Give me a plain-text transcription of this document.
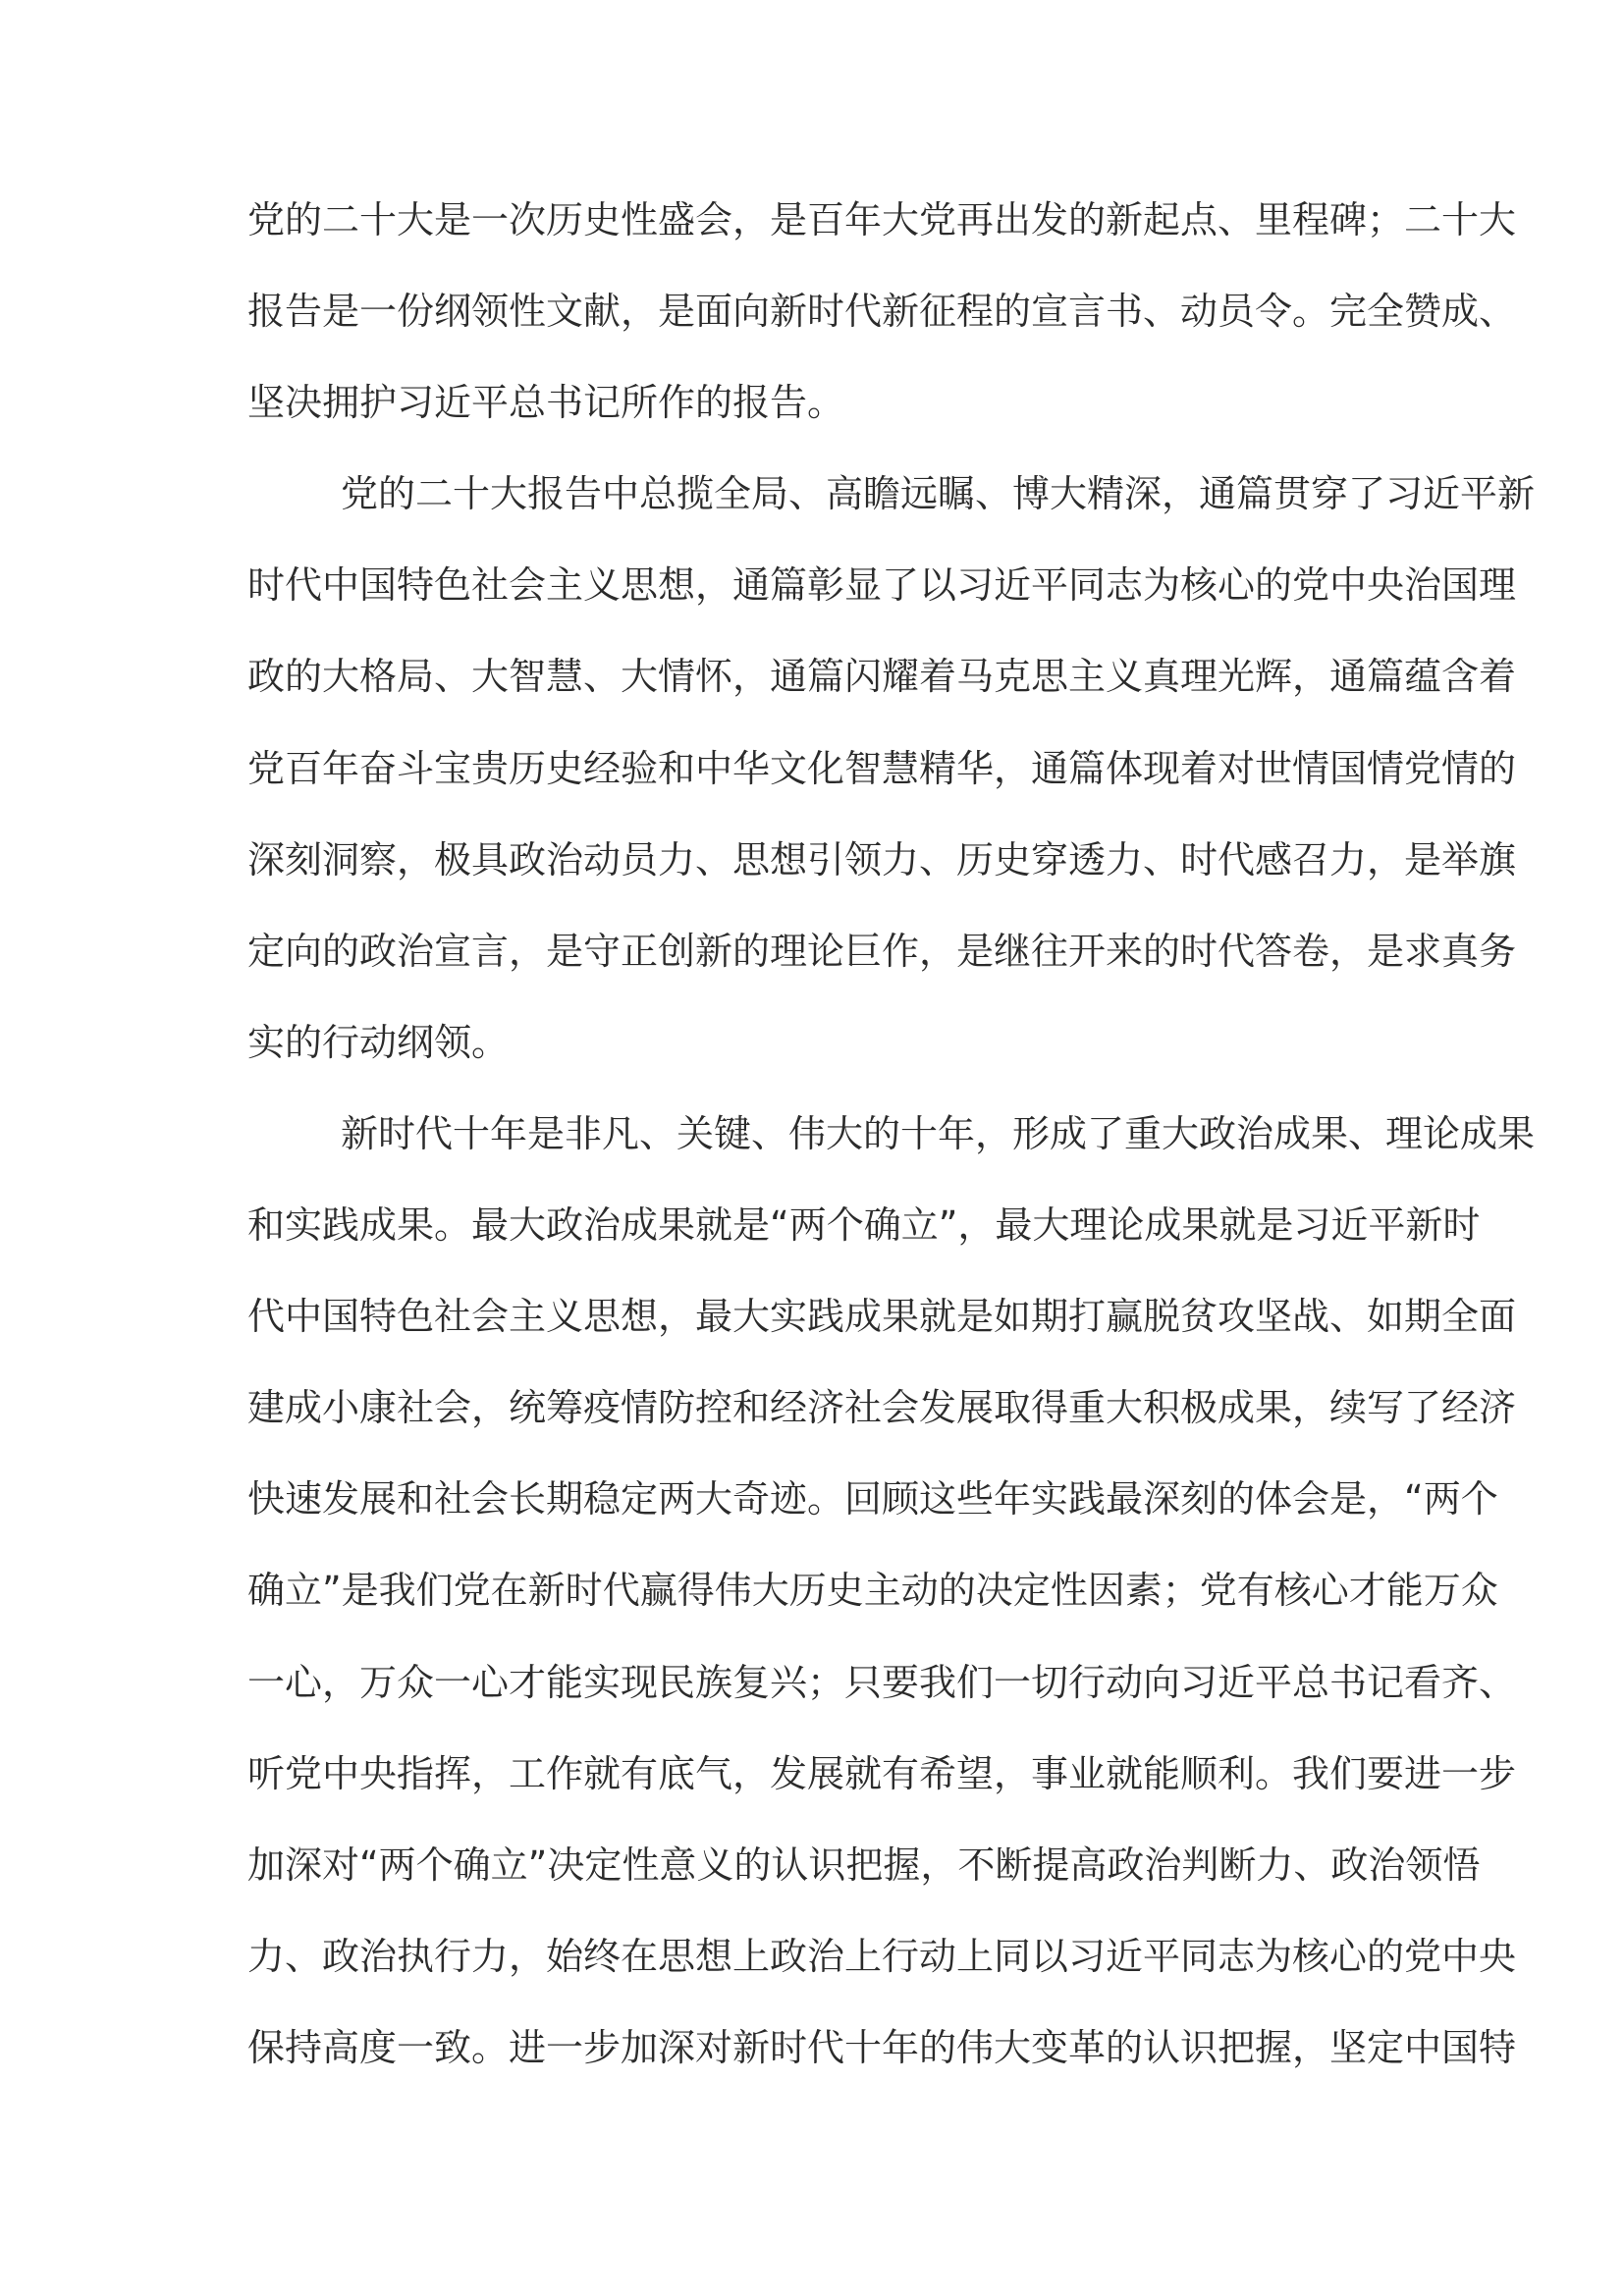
党的二十大是一次历史性盛会，是百年大党再出发的新起点、里程碑；二十大
报告是一份纲领性文献，是面向新时代新征程的宣言书、动员令。完全赞成、
坚决拥护习近平总书记所作的报告。
党的二十大报告中总揽全局、高瞻远瞩、博大精深，通篇贯穿了习近平新
时代中国特色社会主义思想，通篇彰显了以习近平同志为核心的党中央治国理
政的大格局、大智慧、大情怀，通篇闪耀着马克思主义真理光辉，通篇蕴含着
党百年奋斗宝贵历史经验和中华文化智慧精华，通篇体现着对世情国情党情的
深刻洞察，极具政治动员力、思想引领力、历史穿透力、时代感召力，是举旗
定向的政治宣言，是守正创新的理论巨作，是继往开来的时代答卷，是求真务
实的行动纲领。
新时代十年是非凡、关键、伟大的十年，形成了重大政治成果、理论成果
和实践成果。最大政治成果就是“两个确立”，最大理论成果就是习近平新时
代中国特色社会主义思想，最大实践成果就是如期打赢脱贫攻坚战、如期全面
建成小康社会，统筹疫情防控和经济社会发展取得重大积极成果，续写了经济
快速发展和社会长期稳定两大奇迹。回顾这些年实践最深刻的体会是，“两个
确立”是我们党在新时代赢得伟大历史主动的决定性因素；党有核心才能万众
一心，万众一心才能实现民族复兴；只要我们一切行动向习近平总书记看齐、
听党中央指挥，工作就有底气，发展就有希望，事业就能顺利。我们要进一步
加深对“两个确立”决定性意义的认识把握，不断提高政治判断力、政治领悟
力、政治执行力，始终在思想上政治上行动上同以习近平同志为核心的党中央
保持高度一致。进一步加深对新时代十年的伟大变革的认识把握，坚定中国特
